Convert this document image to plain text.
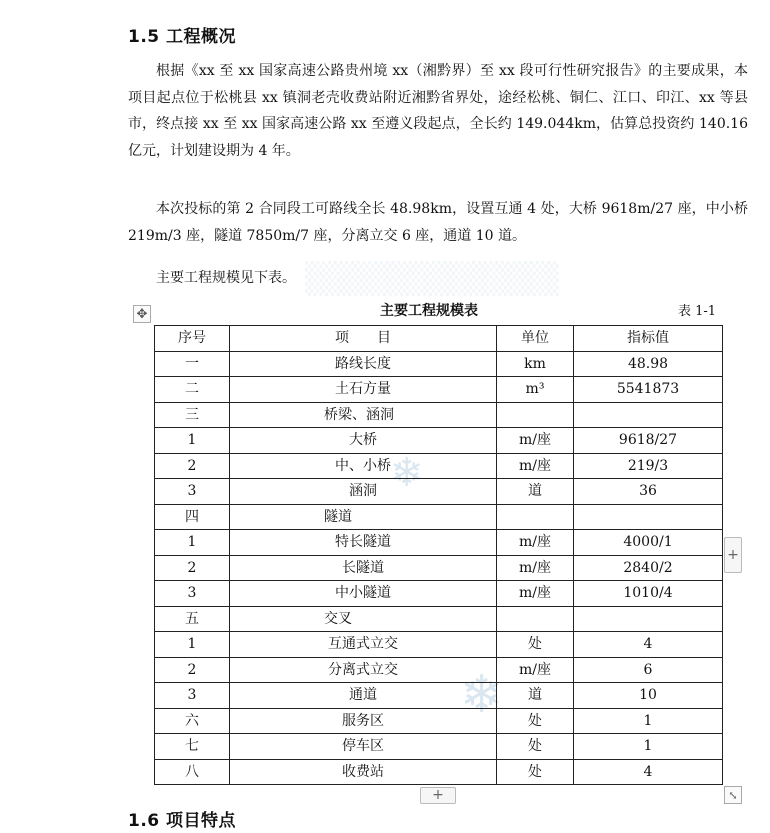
1.5 工程概况

根据《xx 至 xx 国家高速公路贵州境 xx（湘黔界）至 xx 段可行性研究报告》的主要成果，本项目起点位于松桃县 xx 镇洞老壳收费站附近湘黔省界处，途经松桃、铜仁、江口、印江、xx 等县市，终点接 xx 至 xx 国家高速公路 xx 至遵义段起点，全长约 149.044km，估算总投资约 140.16 亿元，计划建设期为 4 年。

本次投标的第 2 合同段工可路线全长 48.98km，设置互通 4 处，大桥 9618m/27 座，中小桥 219m/3 座，隧道 7850m/7 座，分离立交 6 座，通道 10 道。

主要工程规模见下表。 ▒▒▒▒▒▒▒▒▒▒▒
❄
❄
✥	主要工程规模表	表 1-1
序号	项　　目	单位	指标值
一	路线长度	km	48.98
二	土石方量	m³	5541873
三	桥梁、涵洞		
1	大桥	m/座	9618/27
2	中、小桥	m/座	219/3
3	涵洞	道	36
四	隧道		
1	特长隧道	m/座	4000/1
2	长隧道	m/座	2840/2
3	中小隧道	m/座	1010/4
五	交叉		
1	互通式立交	处	4
2	分离式立交	m/座	6
3	通道	道	10
六	服务区	处	1
七	停车区	处	1
八	收费站	处	4
+
+	⤡
1.6 项目特点
